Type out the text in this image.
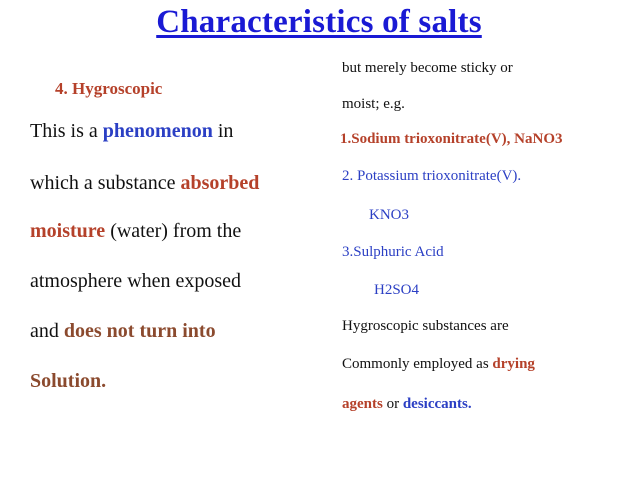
Characteristics of salts
4. Hygroscopic
This is a phenomenon in
which a substance absorbed
moisture (water) from the
atmosphere when exposed
and does not turn into
Solution.
but merely become sticky or
moist; e.g.
1.Sodium trioxonitrate(V), NaNO3
2. Potassium trioxonitrate(V).
KNO3
3.Sulphuric Acid
H2SO4
Hygroscopic substances are
Commonly employed as drying
agents or desiccants.
